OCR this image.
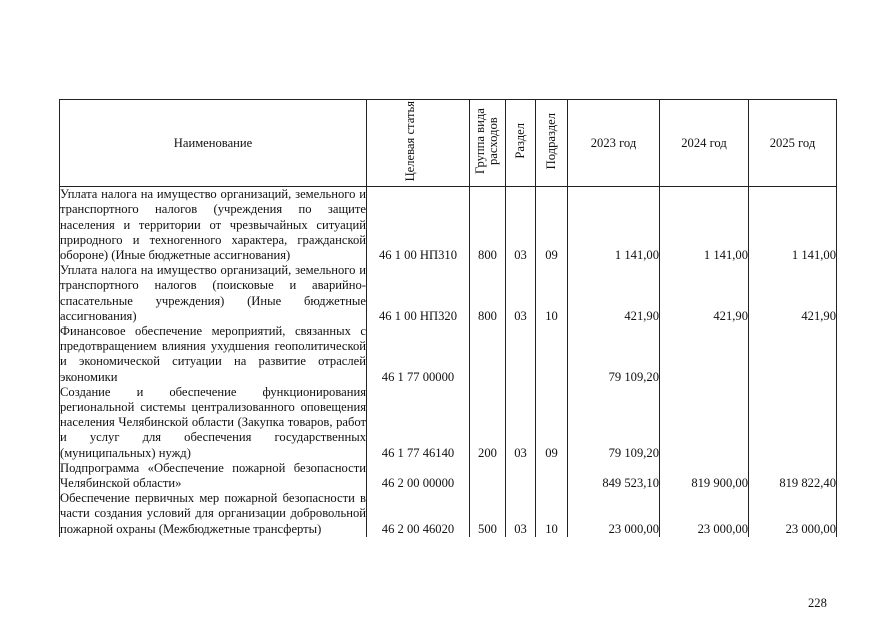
Наименование	Целевая статья	Группа вида расходов	Раздел	Подраздел	2023 год	2024 год	2025 год
Уплата налога на имущество организаций, земельного и транспортного налогов (учреждения по защите населения и территории от чрезвычайных ситуаций природного и техногенного характера, гражданской обороне) (Иные бюджетные ассигнования)	46 1 00 НП310	800	03	09	1 141,00	1 141,00	1 141,00
Уплата налога на имущество организаций, земельного и транспортного налогов (поисковые и аварийно-спасательные учреждения) (Иные бюджетные ассигнования)	46 1 00 НП320	800	03	10	421,90	421,90	421,90
Финансовое обеспечение мероприятий, связанных с предотвращением влияния ухудшения геополитической и экономической ситуации на развитие отраслей экономики	46 1 77 00000				79 109,20		
Создание и обеспечение функционирования региональной системы централизованного оповещения населения Челябинской области (Закупка товаров, работ и услуг для обеспечения государственных (муниципальных) нужд)	46 1 77 46140	200	03	09	79 109,20		
Подпрограмма «Обеспечение пожарной безопасности Челябинской области»	46 2 00 00000				849 523,10	819 900,00	819 822,40
Обеспечение первичных мер пожарной безопасности в части создания условий для организации добровольной пожарной охраны (Межбюджетные трансферты)	46 2 00 46020	500	03	10	23 000,00	23 000,00	23 000,00
228
